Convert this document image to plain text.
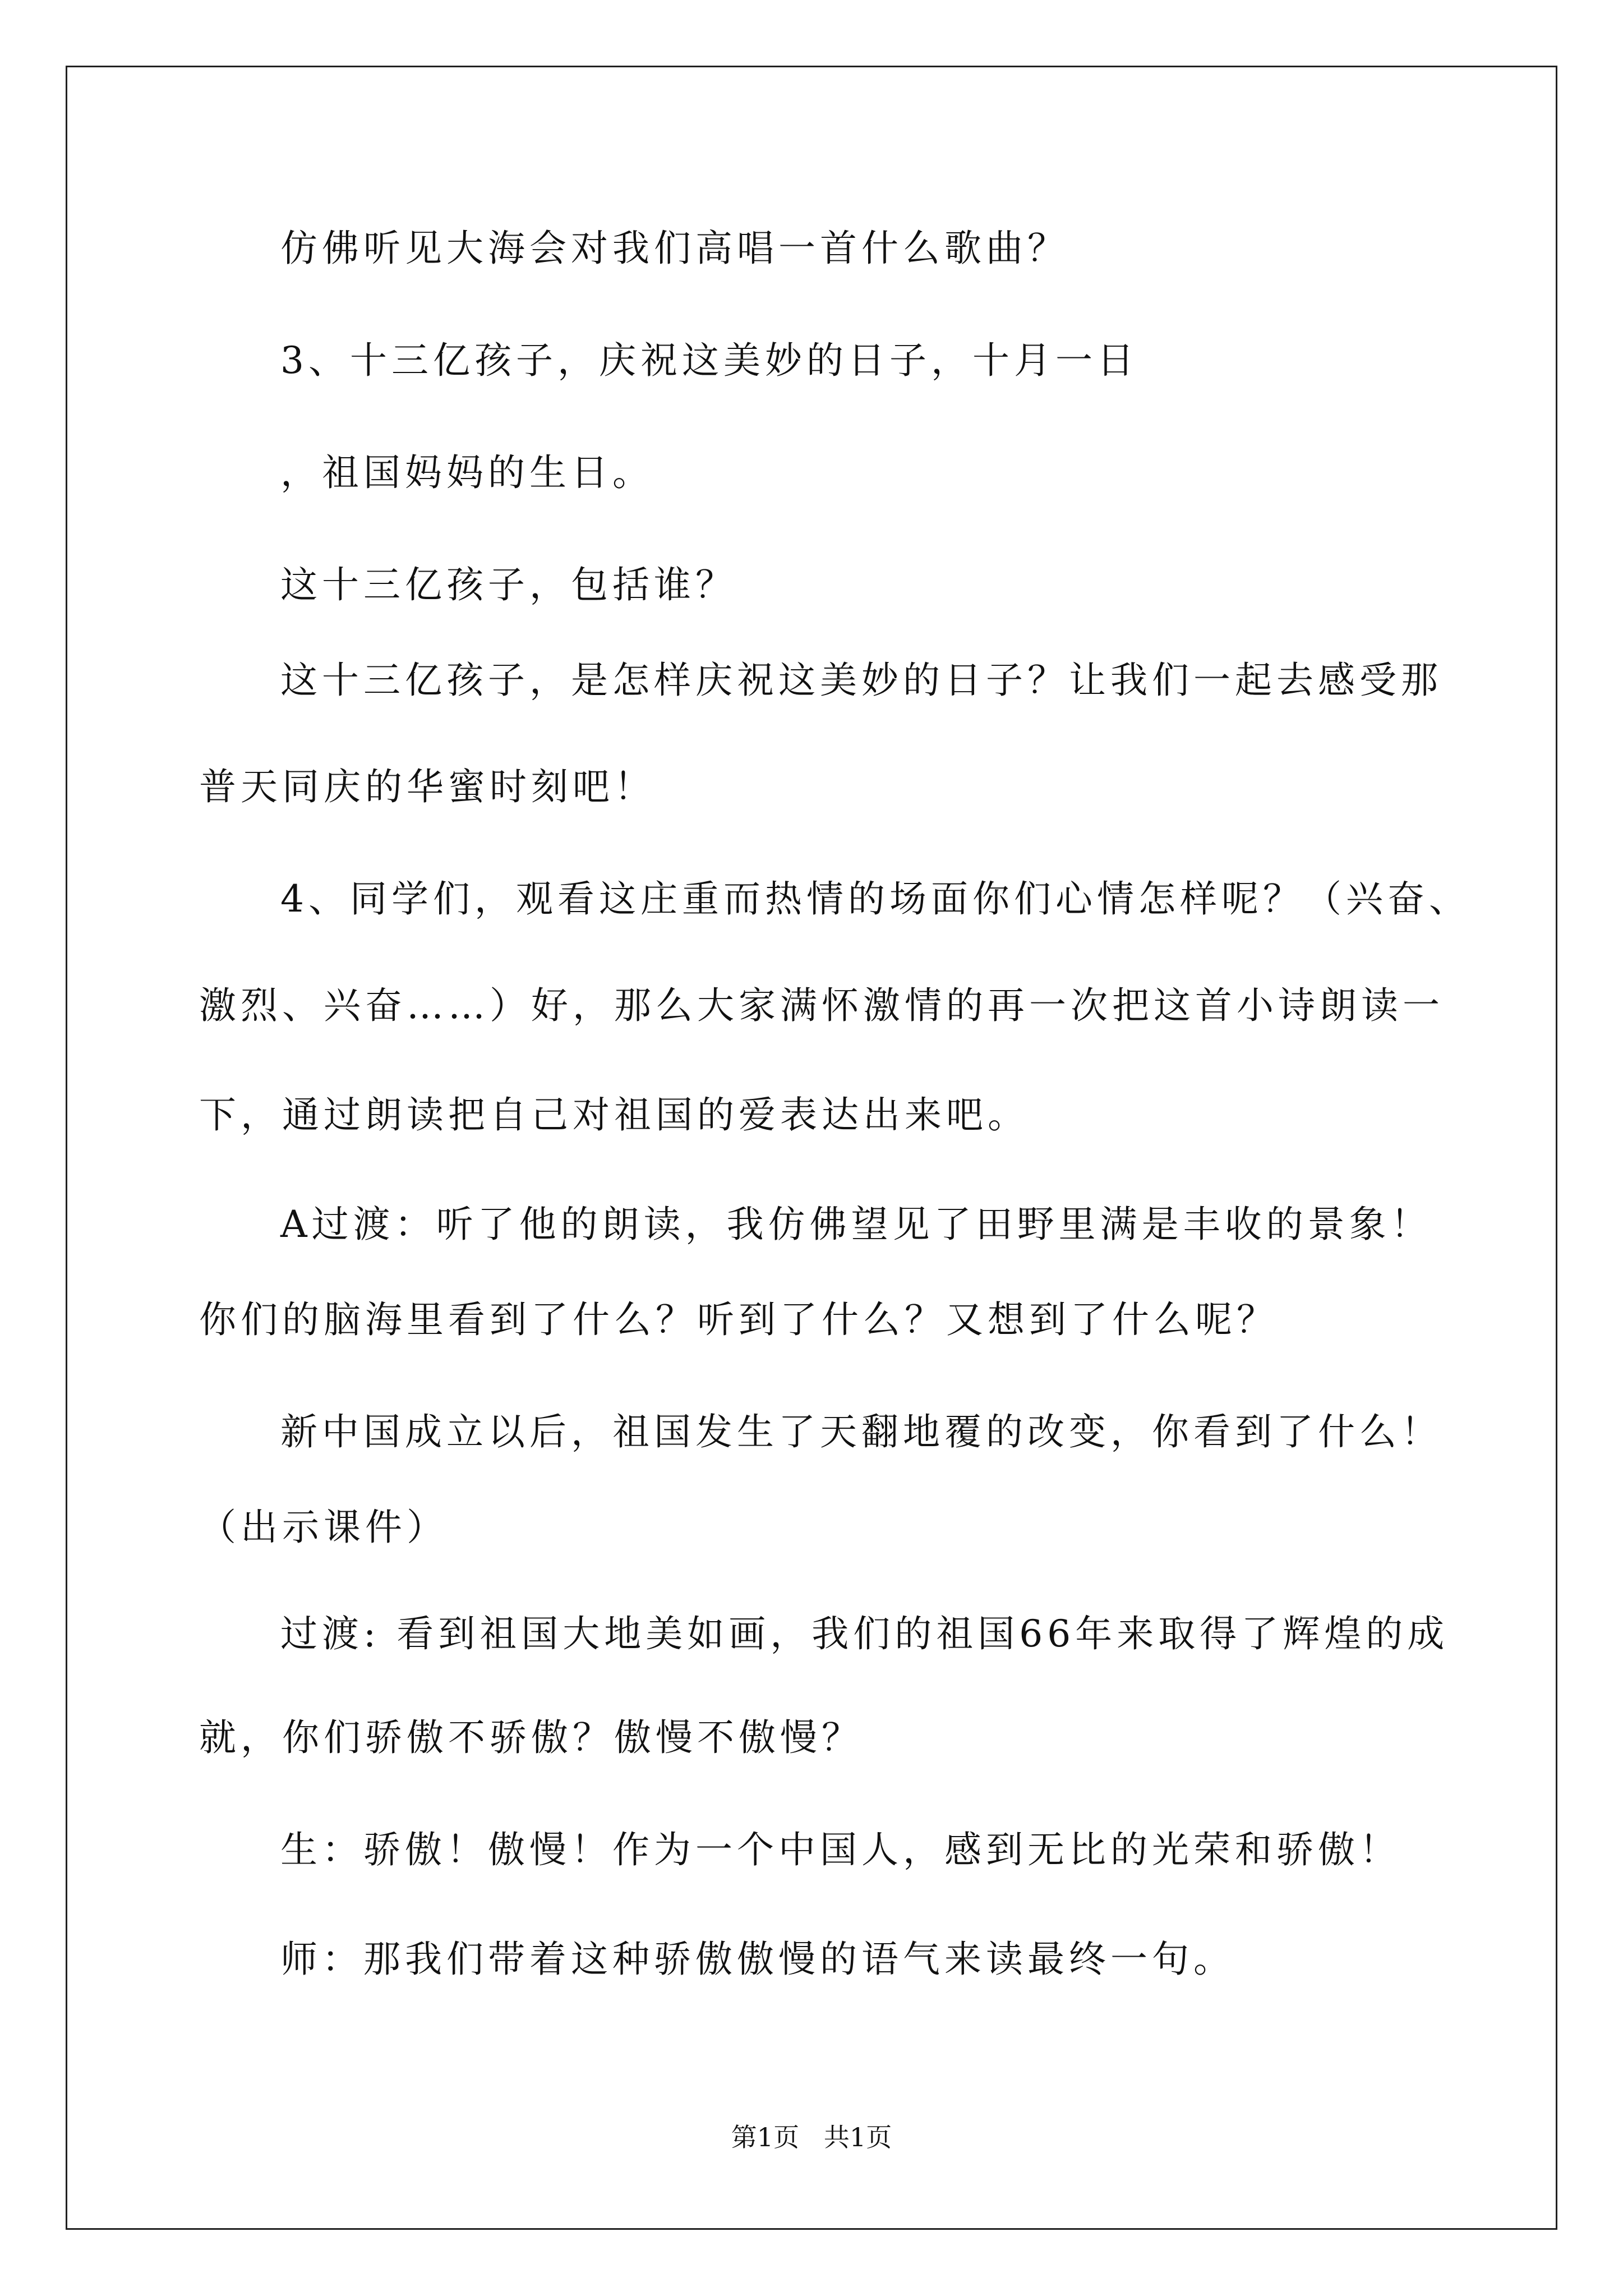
仿佛听见大海会对我们高唱一首什么歌曲？
3、十三亿孩子，庆祝这美妙的日子，十月一日
，祖国妈妈的生日。
这十三亿孩子，包括谁？
这十三亿孩子，是怎样庆祝这美妙的日子？让我们一起去感受那
普天同庆的华蜜时刻吧！
4、同学们，观看这庄重而热情的场面你们心情怎样呢？（兴奋、
激烈、兴奋……）好，那么大家满怀激情的再一次把这首小诗朗读一
下，通过朗读把自己对祖国的爱表达出来吧。
A过渡：听了他的朗读，我仿佛望见了田野里满是丰收的景象！
你们的脑海里看到了什么？听到了什么？又想到了什么呢？
新中国成立以后，祖国发生了天翻地覆的改变，你看到了什么！
（出示课件）
过渡: 看到祖国大地美如画，我们的祖国66年来取得了辉煌的成
就，你们骄傲不骄傲？傲慢不傲慢？
生：骄傲！傲慢！作为一个中国人，感到无比的光荣和骄傲！
师：那我们带着这种骄傲傲慢的语气来读最终一句。
第1页   共1页
